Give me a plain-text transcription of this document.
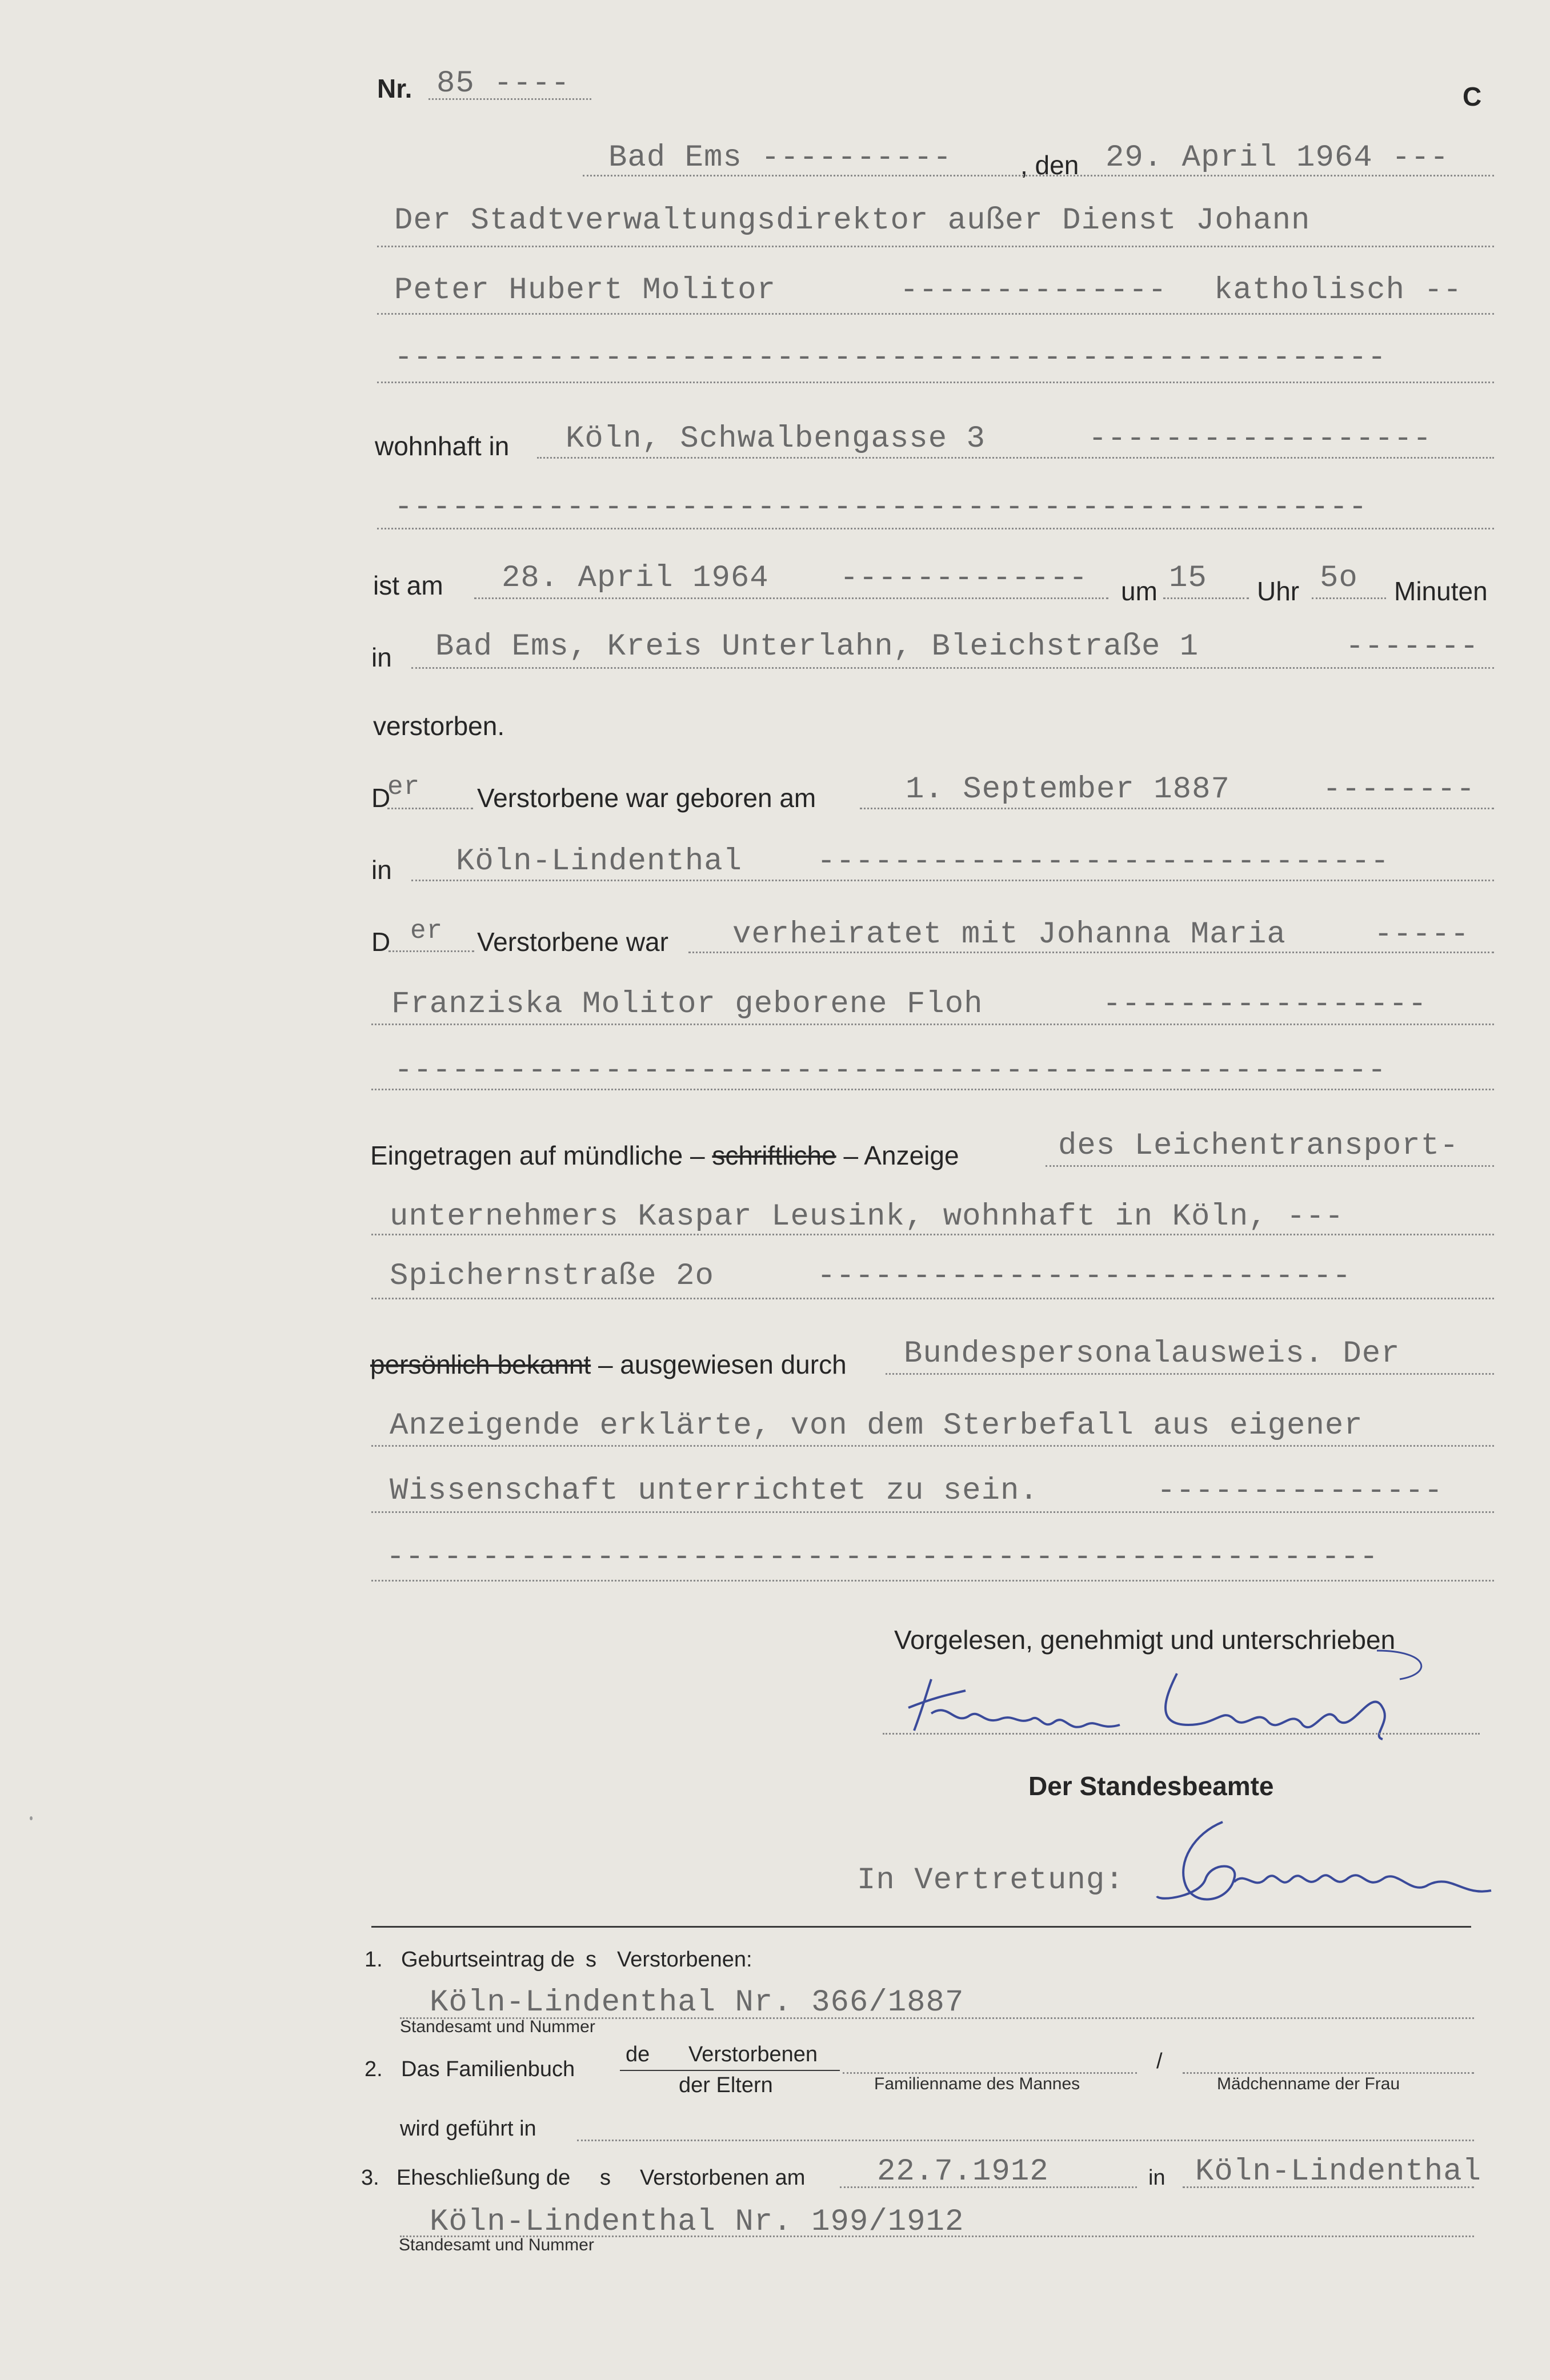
Nr. 85 ----	C
Bad Ems ----------	, den 29. April 1964 ---
Der Stadtverwaltungsdirektor außer Dienst Johann
Peter Hubert Molitor	-------------- katholisch --
----------------------------------------------------
wohnhaft in Köln, Schwalbengasse 3	------------------
---------------------------------------------------
ist am 28. April 1964 ------------- um 15 Uhr 5o Minuten
in Bad Ems, Kreis Unterlahn, Bleichstraße 1	-------
verstorben.
D
er Verstorbene war geboren am	1. September 1887	--------
in Köln-Lindenthal ------------------------------
D er Verstorbene war verheiratet mit Johanna Maria	-----
Franziska Molitor geborene Floh	-----------------
----------------------------------------------------
Eingetragen auf mündliche – schriftliche – Anzeige	des Leichentransport-
unternehmers Kaspar Leusink, wohnhaft in Köln, ---
Spichernstraße 2o	----------------------------
persönlich bekannt – ausgewiesen durch Bundespersonalausweis. Der
Anzeigende erklärte, von dem Sterbefall aus eigener
Wissenschaft unterrichtet zu sein.	---------------
----------------------------------------------------
Vorgelesen, genehmigt und unterschrieben
Der Standesbeamte
In Vertretung:
1. Geburtseintrag de s Verstorbenen:
Köln-Lindenthal Nr. 366/1887
Standesamt und Nummer
2. Das Familienbuch
de Verstorbenen
der Eltern	Familienname des Mannes
/
Mädchenname der Frau
wird geführt in
3. Eheschließung de s Verstorbenen am 22.7.1912	in Köln-Lindenthal
Köln-Lindenthal Nr. 199/1912
Standesamt und Nummer
